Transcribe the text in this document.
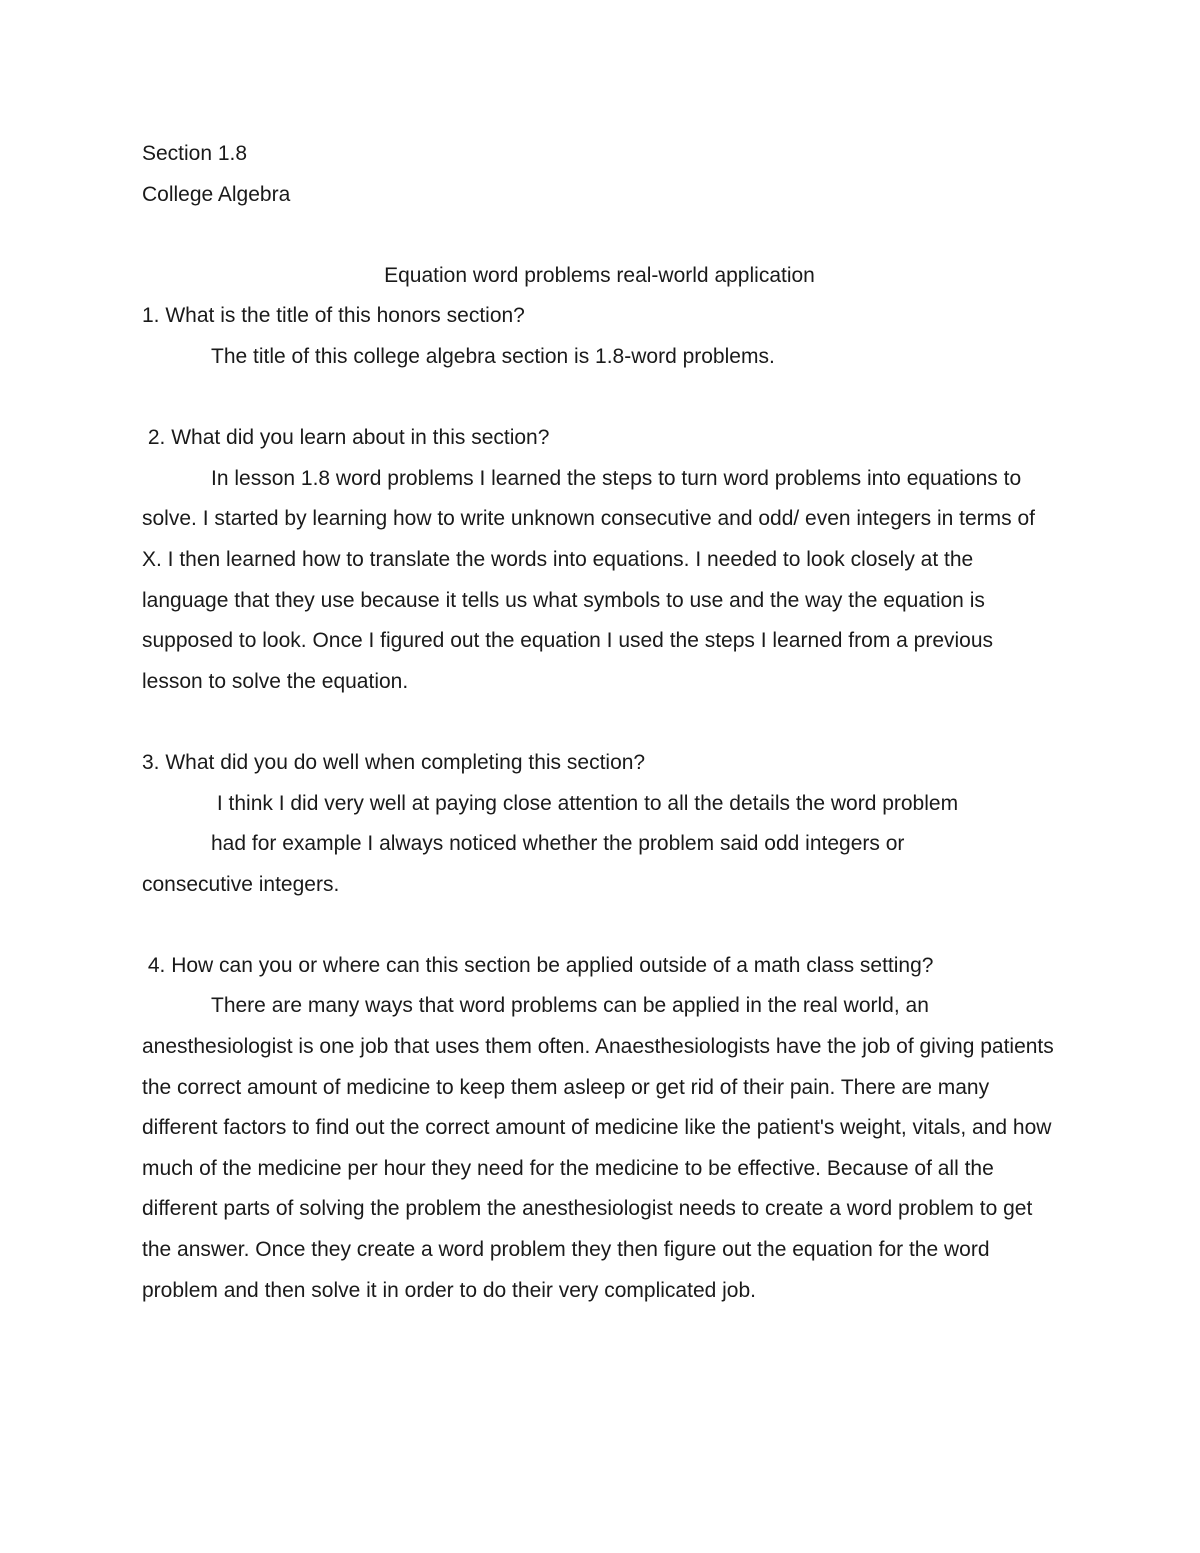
Section 1.8
College Algebra
Equation word problems real-world application
1. What is the title of this honors section?
The title of this college algebra section is 1.8-word problems.
2. What did you learn about in this section?

In lesson 1.8 word problems I learned the steps to turn word problems into equations to solve. I started by learning how to write unknown consecutive and odd/ even integers in terms of X. I then learned how to translate the words into equations. I needed to look closely at the language that they use because it tells us what symbols to use and the way the equation is supposed to look. Once I figured out the equation I used the steps I learned from a previous lesson to solve the equation.

3. What did you do well when completing this section?
I think I did very well at paying close attention to all the details the word problem
had for example I always noticed whether the problem said odd integers or
consecutive integers.
4. How can you or where can this section be applied outside of a math class setting?

There are many ways that word problems can be applied in the real world, an anesthesiologist is one job that uses them often. Anaesthesiologists have the job of giving patients the correct amount of medicine to keep them asleep or get rid of their pain. There are many different factors to find out the correct amount of medicine like the patient's weight, vitals, and how much of the medicine per hour they need for the medicine to be effective. Because of all the different parts of solving the problem the anesthesiologist needs to create a word problem to get the answer. Once they create a word problem they then figure out the equation for the word problem and then solve it in order to do their very complicated job.
